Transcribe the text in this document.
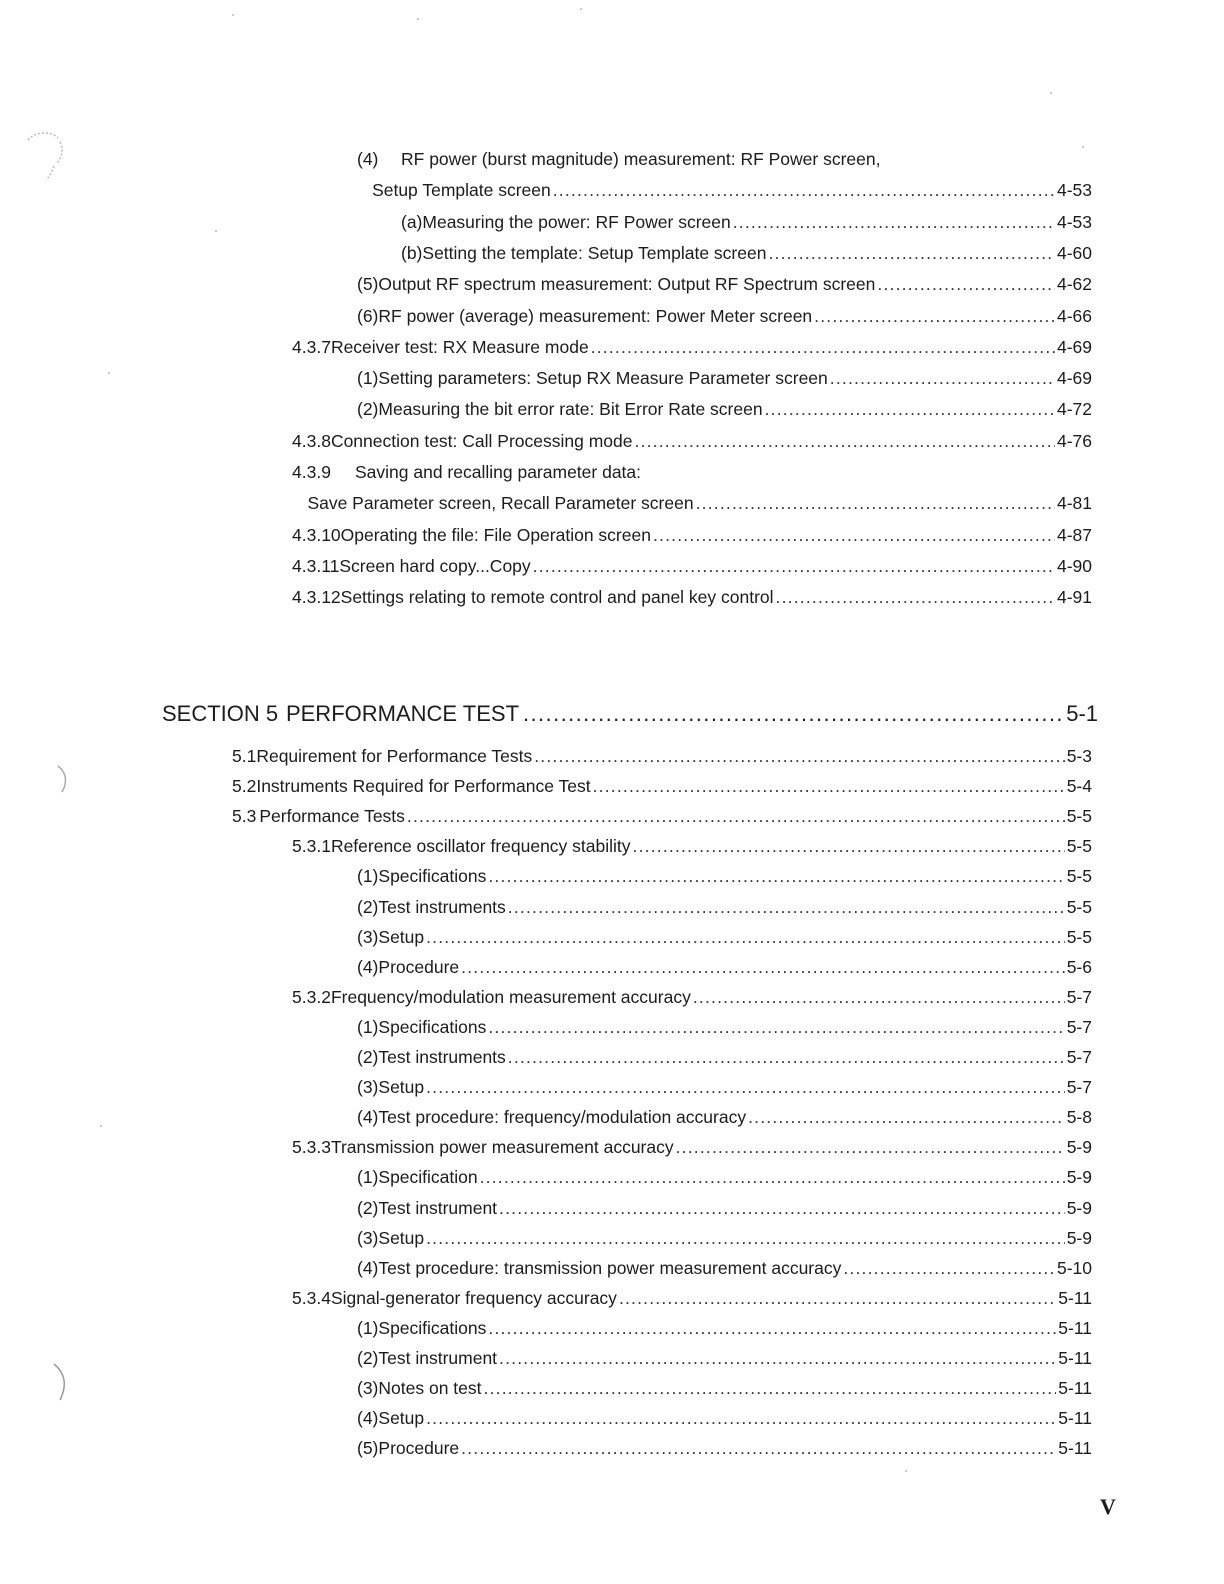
(4)	RF power (burst magnitude) measurement: RF Power screen,
Setup Template screen .....	4-53
(a) Measuring the power: RF Power screen .....	4-53
(b) Setting the template: Setup Template screen .....	4-60
(5) Output RF spectrum measurement: Output RF Spectrum screen .....	4-62
(6) RF power (average) measurement: Power Meter screen .....	4-66
4.3.7 Receiver test: RX Measure mode .....	4-69
(1) Setting parameters: Setup RX Measure Parameter screen .....	4-69
(2) Measuring the bit error rate: Bit Error Rate screen .....	4-72
4.3.8 Connection test: Call Processing mode .....	4-76
4.3.9	Saving and recalling parameter data:
Save Parameter screen, Recall Parameter screen .....	4-81
4.3.10 Operating the file: File Operation screen .....	4-87
4.3.11 Screen hard copy...Copy .....	4-90
4.3.12 Settings relating to remote control and panel key control .....	4-91
SECTION 5 PERFORMANCE TEST .....	5-1
5.1 Requirement for Performance Tests .....	5-3
5.2 Instruments Required for Performance Test .....	5-4
5.3 Performance Tests .....	5-5
5.3.1 Reference oscillator frequency stability .....	5-5
(1) Specifications .....	5-5
(2) Test instruments .....	5-5
(3) Setup .....	5-5
(4) Procedure .....	5-6
5.3.2 Frequency/modulation measurement accuracy .....	5-7
(1) Specifications .....	5-7
(2) Test instruments .....	5-7
(3) Setup .....	5-7
(4) Test procedure: frequency/modulation accuracy .....	5-8
5.3.3 Transmission power measurement accuracy .....	5-9
(1) Specification .....	5-9
(2) Test instrument .....	5-9
(3) Setup .....	5-9
(4) Test procedure: transmission power measurement accuracy .....	5-10
5.3.4 Signal-generator frequency accuracy .....	5-11
(1) Specifications .....	5-11
(2) Test instrument .....	5-11
(3) Notes on test .....	5-11
(4) Setup .....	5-11
(5) Procedure .....	5-11
V
